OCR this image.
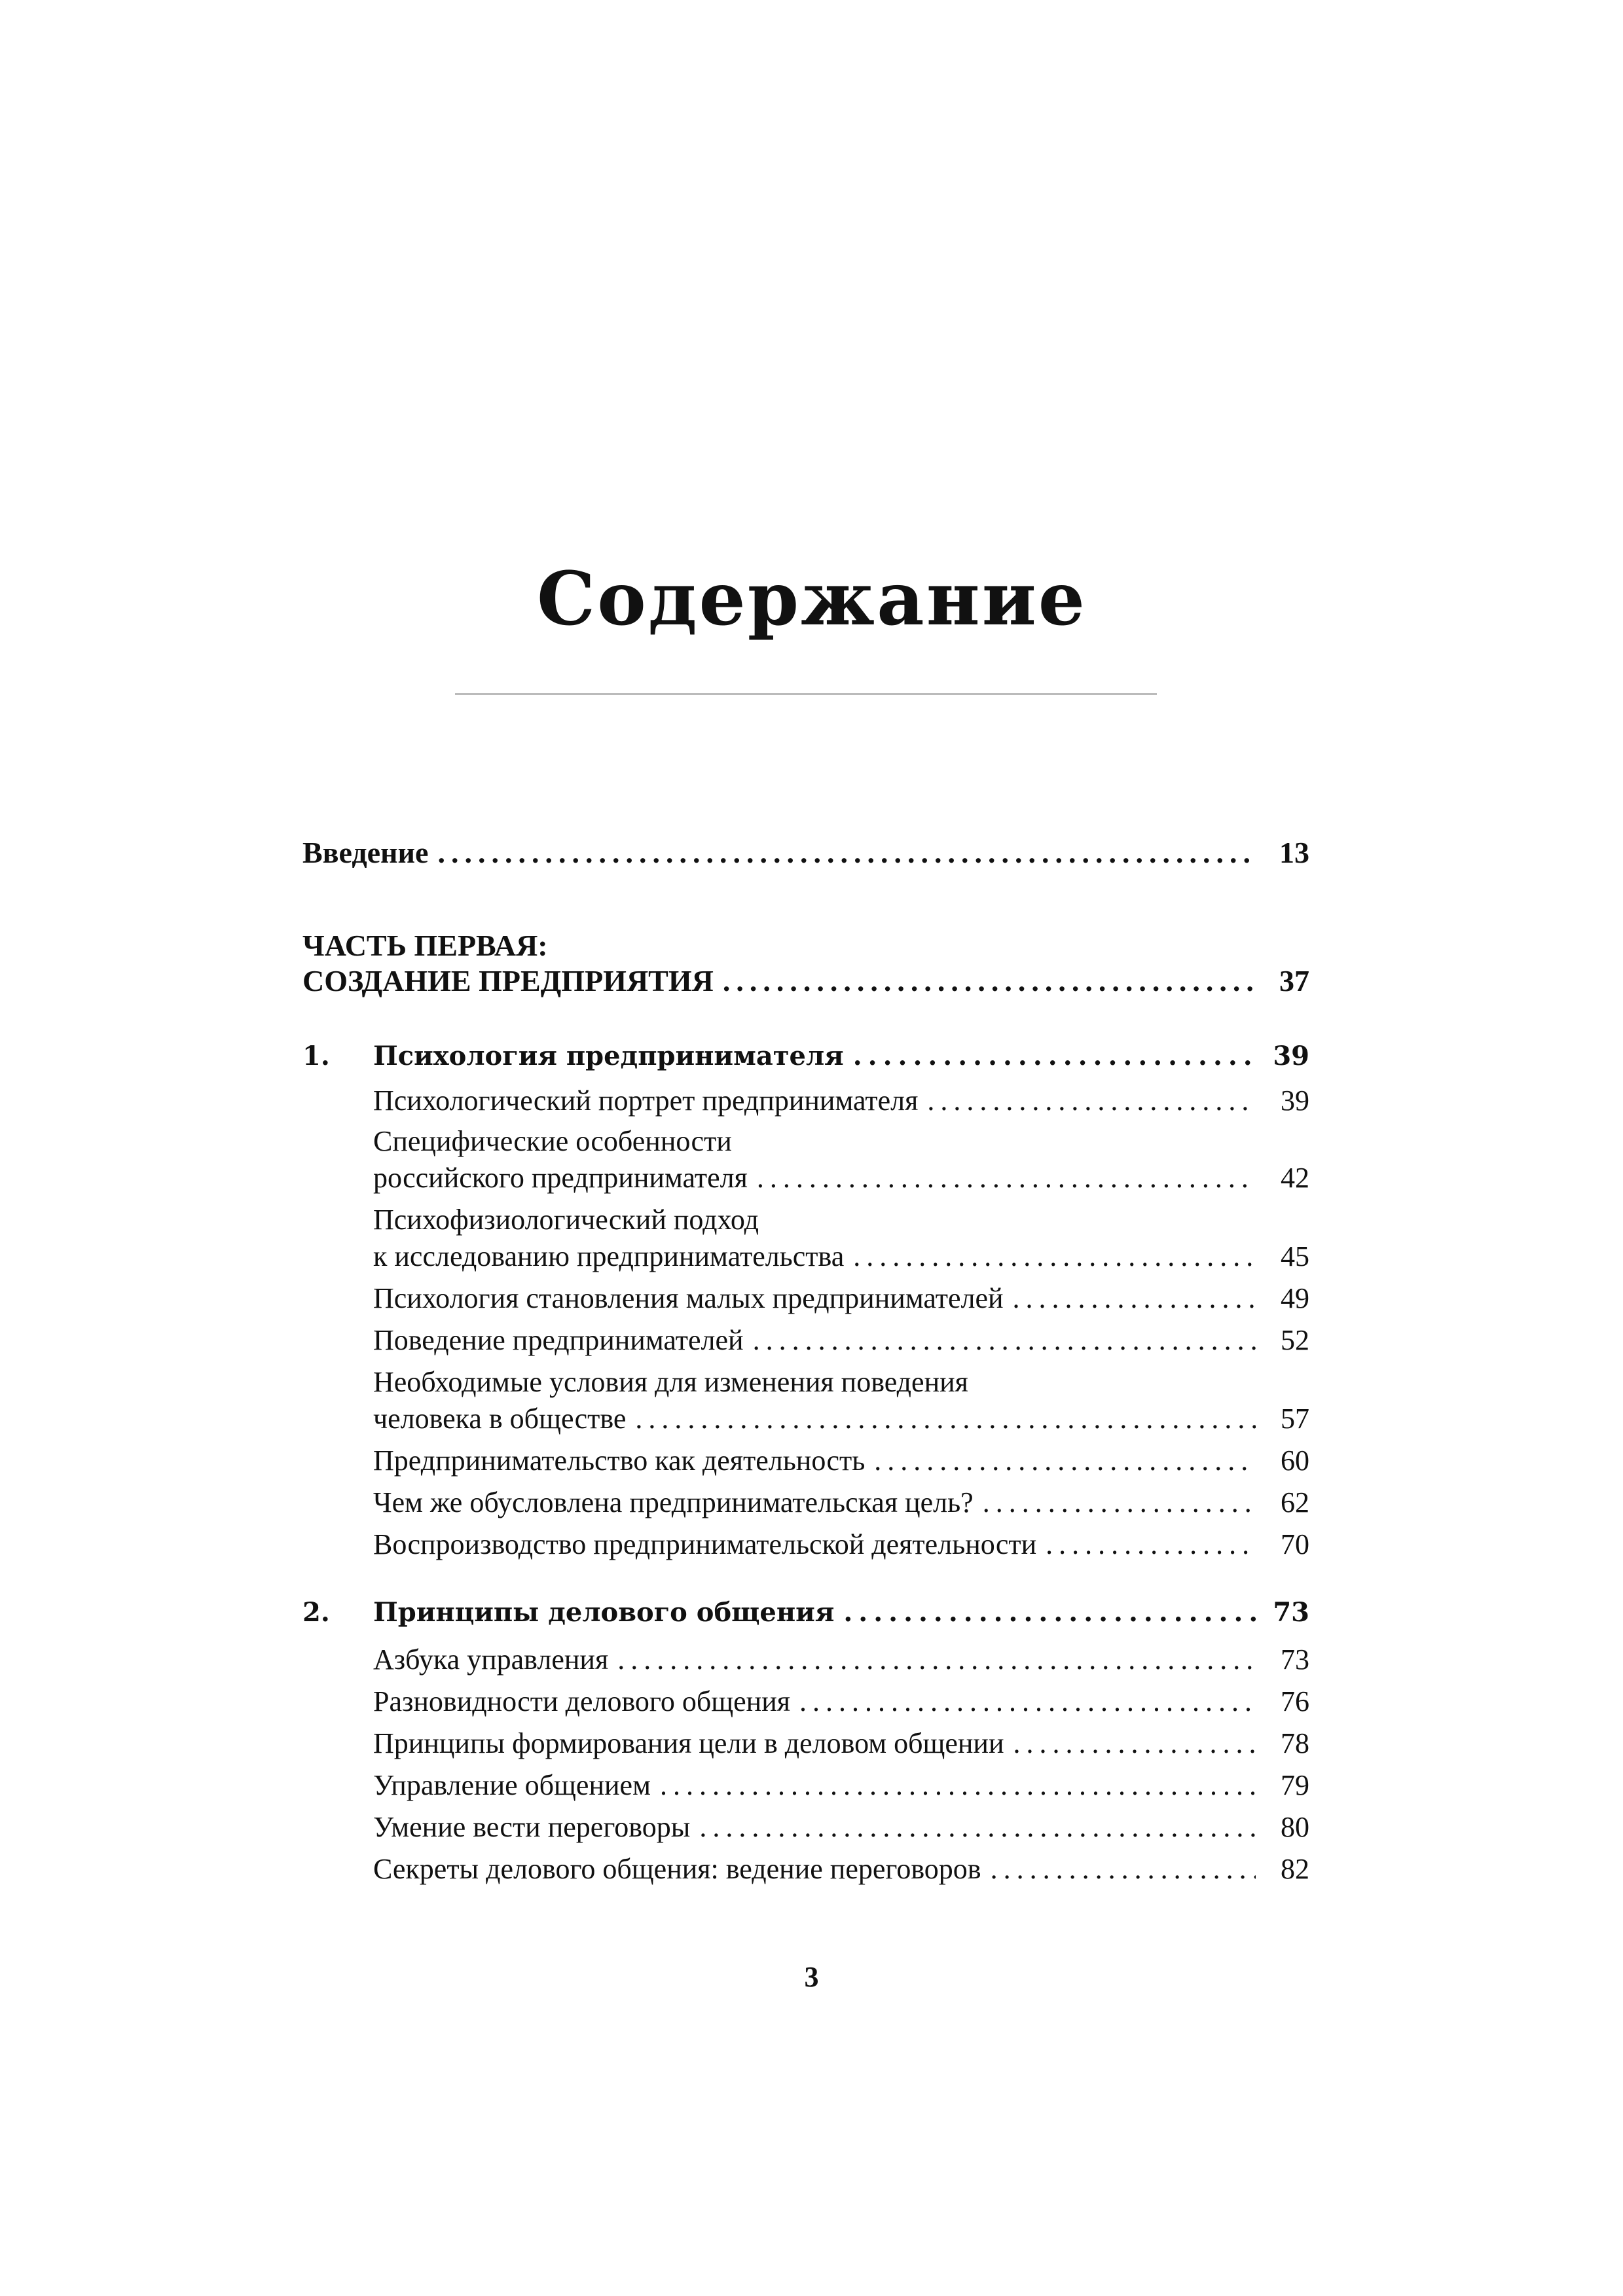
Содержание
Введение .....	13
ЧАСТЬ ПЕРВАЯ:
СОЗДАНИЕ ПРЕДПРИЯТИЯ .....	37
1.	Психология предпринимателя .....	39
Психологический портрет предпринимателя .....	39
Специфические особенности
российского предпринимателя .....	42
Психофизиологический подход
к исследованию предпринимательства .....	45
Психология становления малых предпринимателей .....	49
Поведение предпринимателей .....	52
Необходимые условия для изменения поведения
человека в обществе .....	57
Предпринимательство как деятельность .....	60
Чем же обусловлена предпринимательская цель? .....	62
Воспроизводство предпринимательской деятельности .....	70
2.	Принципы делового общения .....	73
Азбука управления .....	73
Разновидности делового общения .....	76
Принципы формирования цели в деловом общении .....	78
Управление общением .....	79
Умение вести переговоры .....	80
Секреты делового общения: ведение переговоров .....	82
3
